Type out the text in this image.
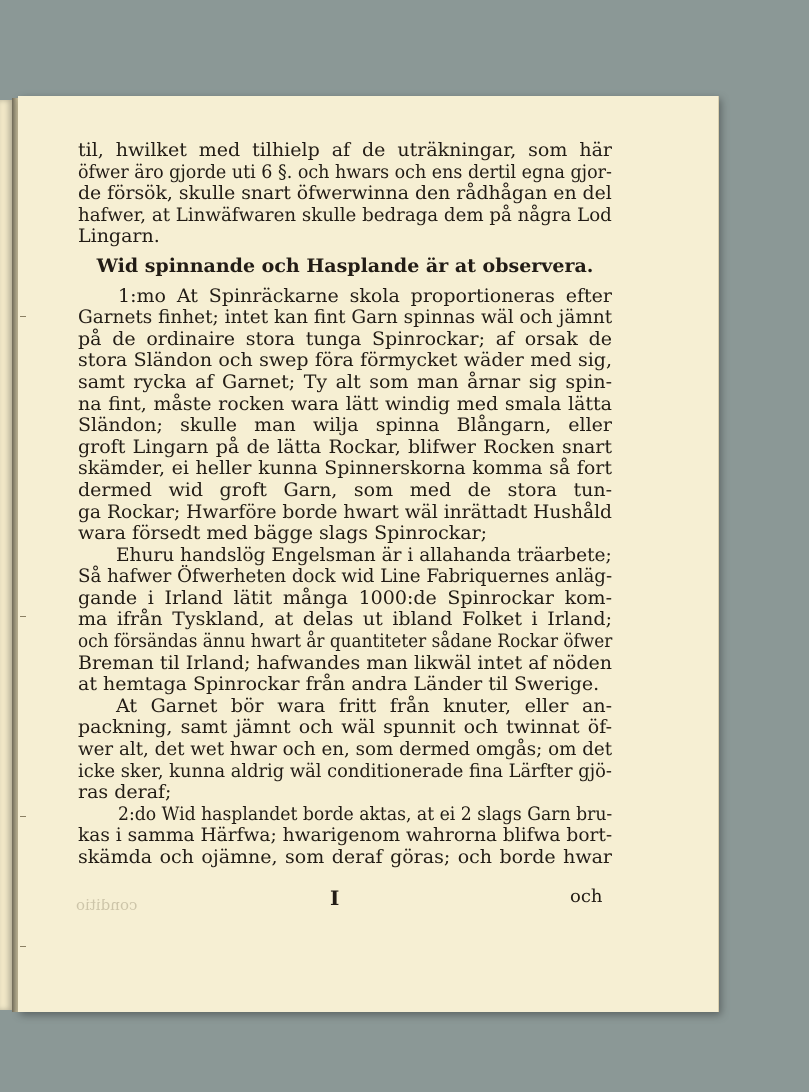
til, hwilket med tilhielp af de uträkningar, som här
öfwer äro gjorde uti 6 §. och hwars och ens dertil egna gjor-
de försök, skulle snart öfwerwinna den rådhågan en del
hafwer, at Linwäfwaren skulle bedraga dem på några Lod
Lingarn.
Wid spinnande och Hasplande är at observera.
1:mo At Spinräckarne skola proportioneras efter
Garnets finhet; intet kan fint Garn spinnas wäl och jämnt
på de ordinaire stora tunga Spinrockar; af orsak de
stora Sländon och swep föra förmycket wäder med sig,
samt rycka af Garnet; Ty alt som man årnar sig spin-
na fint, måste rocken wara lätt windig med smala lätta
Sländon; skulle man wilja spinna Blångarn, eller
groft Lingarn på de lätta Rockar, blifwer Rocken snart
skämder, ei heller kunna Spinnerskorna komma så fort
dermed wid groft Garn, som med de stora tun-
ga Rockar; Hwarföre borde hwart wäl inrättadt Hushåld
wara försedt med bägge slags Spinrockar;
Ehuru handslög Engelsman är i allahanda träarbete;
Så hafwer Öfwerheten dock wid Line Fabriquernes anläg-
gande i Irland lätit många 1000:de Spinrockar kom-
ma ifrån Tyskland, at delas ut ibland Folket i Irland;
och försändas ännu hwart år quantiteter sådane Rockar öfwer
Breman til Irland; hafwandes man likwäl intet af nöden
at hemtaga Spinrockar från andra Länder til Swerige.
At Garnet bör wara fritt från knuter, eller an-
packning, samt jämnt och wäl spunnit och twinnat öf-
wer alt, det wet hwar och en, som dermed omgås; om det
icke sker, kunna aldrig wäl conditionerade fina Lärfter gjö-
ras deraf;
2:do Wid hasplandet borde aktas, at ei 2 slags Garn bru-
kas i samma Härfwa; hwarigenom wahrorna blifwa bort-
skämda och ojämne, som deraf göras; och borde hwar
conditio	I	och
